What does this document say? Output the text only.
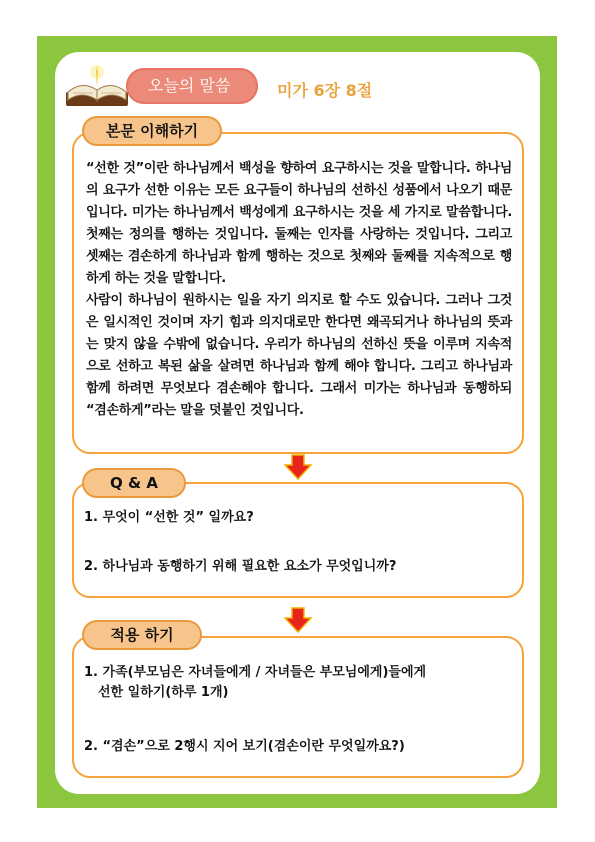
오늘의 말씀	미가 6장 8절
본문 이해하기

“선한 것”이란 하나님께서 백성을 향하여 요구하시는 것을 말합니다. 하나님의 요구가 선한 이유는 모든 요구들이 하나님의 선하신 성품에서 나오기 때문입니다. 미가는 하나님께서 백성에게 요구하시는 것을 세 가지로 말씀합니다. 첫째는 정의를 행하는 것입니다. 둘째는 인자를 사랑하는 것입니다. 그리고 셋째는 겸손하게 하나님과 함께 행하는 것으로 첫째와 둘째를 지속적으로 행하게 하는 것을 말합니다.

사람이 하나님이 원하시는 일을 자기 의지로 할 수도 있습니다. 그러나 그것은 일시적인 것이며 자기 힘과 의지대로만 한다면 왜곡되거나 하나님의 뜻과는 맞지 않을 수밖에 없습니다. 우리가 하나님의 선하신 뜻을 이루며 지속적으로 선하고 복된 삶을 살려면 하나님과 함께 해야 합니다. 그리고 하나님과 함께 하려면 무엇보다 겸손해야 합니다. 그래서 미가는 하나님과 동행하되 “겸손하게”라는 말을 덧붙인 것입니다.

Q & A
1. 무엇이 “선한 것” 일까요?
2. 하나님과 동행하기 위해 필요한 요소가 무엇입니까?
적용 하기
1. 가족(부모님은 자녀들에게 / 자녀들은 부모님에게)들에게
선한 일하기(하루 1개)
2. “겸손”으로 2행시 지어 보기(겸손이란 무엇일까요?)
